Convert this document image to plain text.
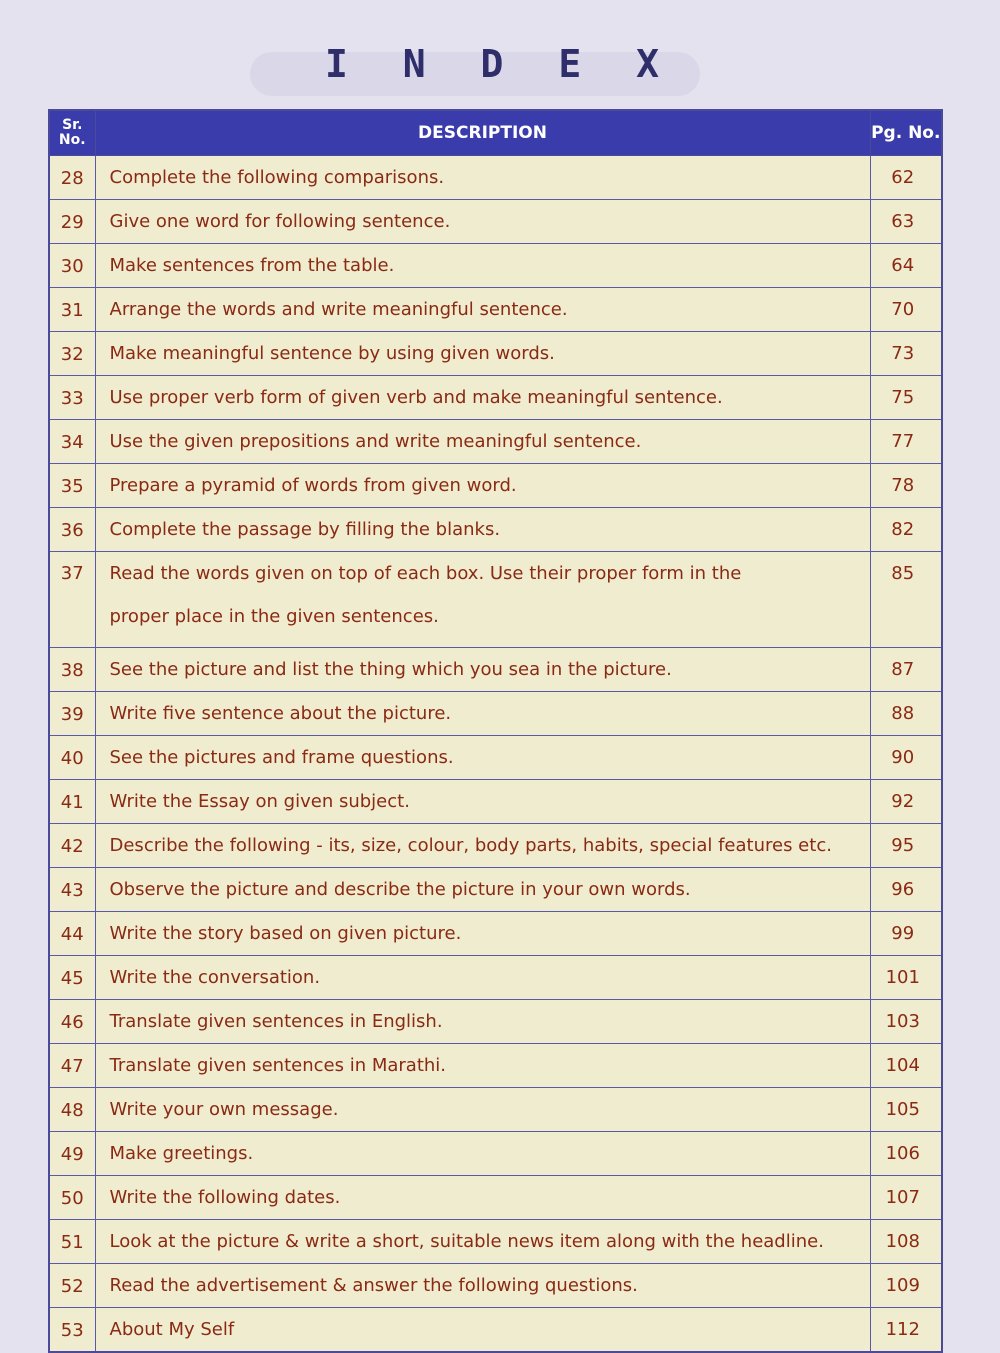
I N D E X
Sr. No.	DESCRIPTION	Pg. No.
28	Complete the following comparisons.	62
29	Give one word for following sentence.	63
30	Make sentences from the table.	64
31	Arrange the words and write meaningful sentence.	70
32	Make meaningful sentence by using given words.	73
33	Use proper verb form of given verb and make meaningful sentence.	75
34	Use the given prepositions and write meaningful sentence.	77
35	Prepare a pyramid of words from given word.	78
36	Complete the passage by filling the blanks.	82
37	Read the words given on top of each box. Use their proper form in the
proper place in the given sentences.	85
38	See the picture and list the thing which you sea in the picture.	87
39	Write five sentence about the picture.	88
40	See the pictures and frame questions.	90
41	Write the Essay on given subject.	92
42	Describe the following - its, size, colour, body parts, habits, special features etc.	95
43	Observe the picture and describe the picture in your own words.	96
44	Write the story based on given picture.	99
45	Write the conversation.	101
46	Translate given sentences in English.	103
47	Translate given sentences in Marathi.	104
48	Write your own message.	105
49	Make greetings.	106
50	Write the following dates.	107
51	Look at the picture & write a short, suitable news item along with the headline.	108
52	Read the advertisement & answer the following questions.	109
53	About My Self	112
